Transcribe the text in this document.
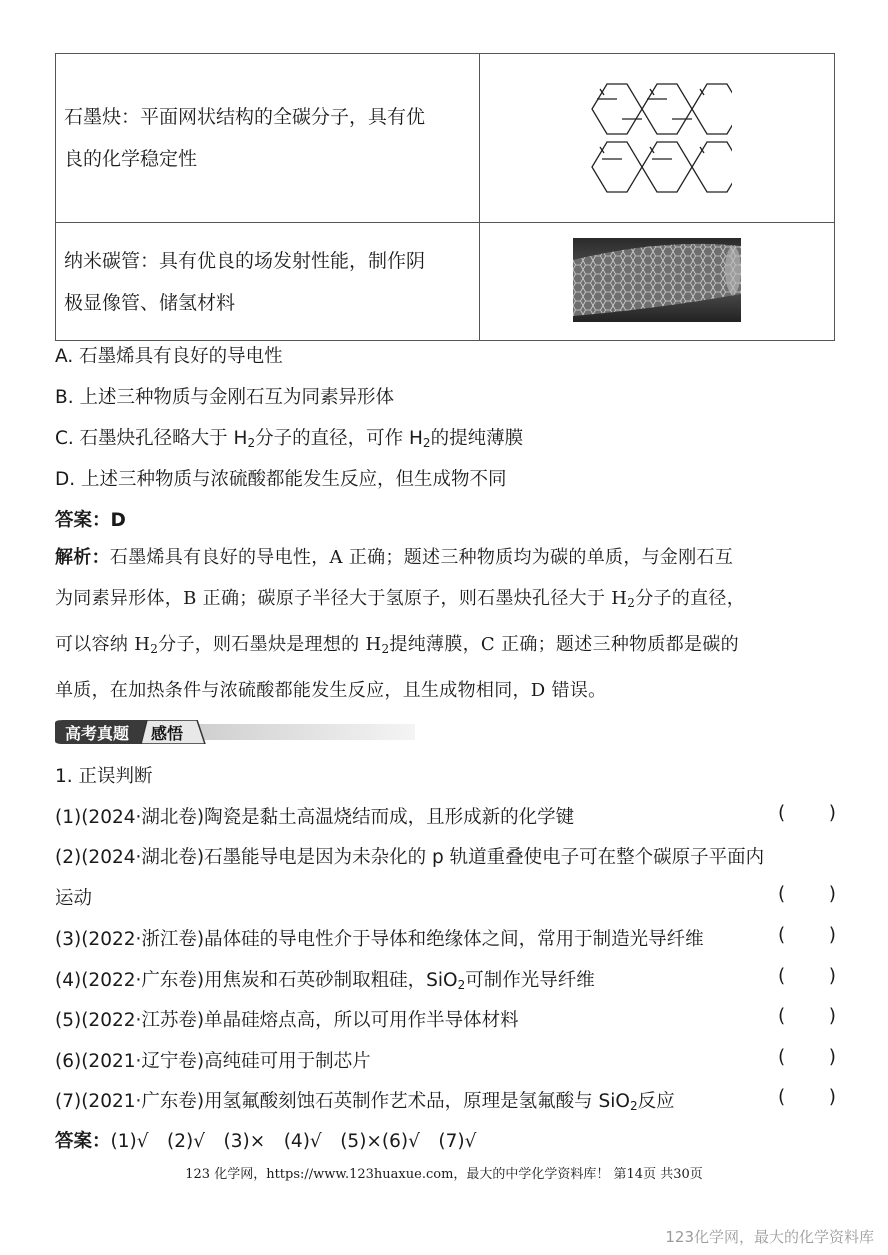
石墨炔：平面网状结构的全碳分子，具有优
良的化学稳定性

纳米碳管：具有优良的场发射性能，制作阴
极显像管、储氢材料

A. 石墨烯具有良好的导电性
B. 上述三种物质与金刚石互为同素异形体
C. 石墨炔孔径略大于 $H_2$分子的直径，可作 $H_2$的提纯薄膜
D. 上述三种物质与浓硫酸都能发生反应，但生成物不同
答案：D
解析：石墨烯具有良好的导电性，A 正确；题述三种物质均为碳的单质，与金刚石互
为同素异形体，B 正确；碳原子半径大于氢原子，则石墨炔孔径大于 $H_2$分子的直径，
可以容纳 $H_2$分子，则石墨炔是理想的 $H_2$提纯薄膜，C 正确；题述三种物质都是碳的
单质，在加热条件与浓硫酸都能发生反应，且生成物相同，D 错误。
高考真题 感悟
1. 正误判断
(1)(2024·湖北卷)陶瓷是黏土高温烧结而成，且形成新的化学键	( )
(2)(2024·湖北卷)石墨能导电是因为未杂化的 p 轨道重叠使电子可在整个碳原子平面内
运动	( )
(3)(2022·浙江卷)晶体硅的导电性介于导体和绝缘体之间，常用于制造光导纤维	( )
(4)(2022·广东卷)用焦炭和石英砂制取粗硅，SiO$_2$可制作光导纤维	( )
(5)(2022·江苏卷)单晶硅熔点高，所以可用作半导体材料	( )
(6)(2021·辽宁卷)高纯硅可用于制芯片	( )
(7)(2021·广东卷)用氢氟酸刻蚀石英制作艺术品，原理是氢氟酸与 SiO$_2$反应	( )
答案：(1)√　(2)√　(3)×　(4)√　(5)×(6)√　(7)√
123 化学网，https://www.123huaxue.com，最大的中学化学资料库！ 第14页 共30页
123化学网，最大的化学资料库
